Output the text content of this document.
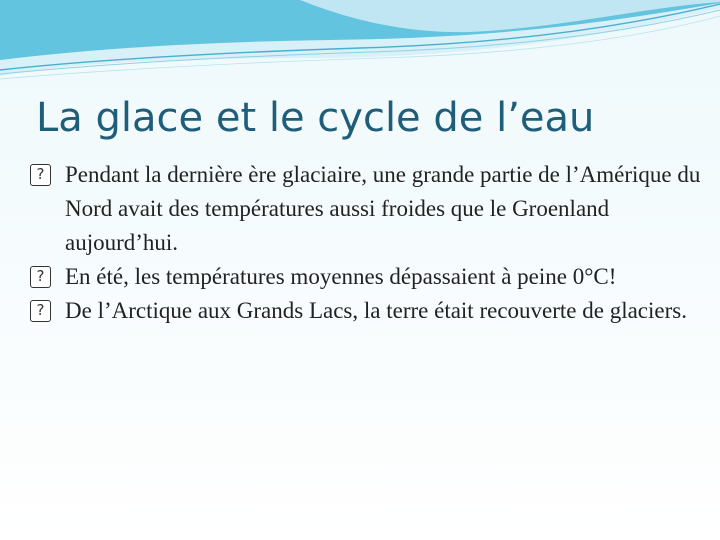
La glace et le cycle de l’eau
? Pendant la dernière ère glaciaire, une grande partie de l’Amérique du Nord avait des températures aussi froides que le Groenland aujourd’hui.
? En été, les températures moyennes dépassaient à peine 0°C!
? De l’Arctique aux Grands Lacs, la terre était recouverte de glaciers.
